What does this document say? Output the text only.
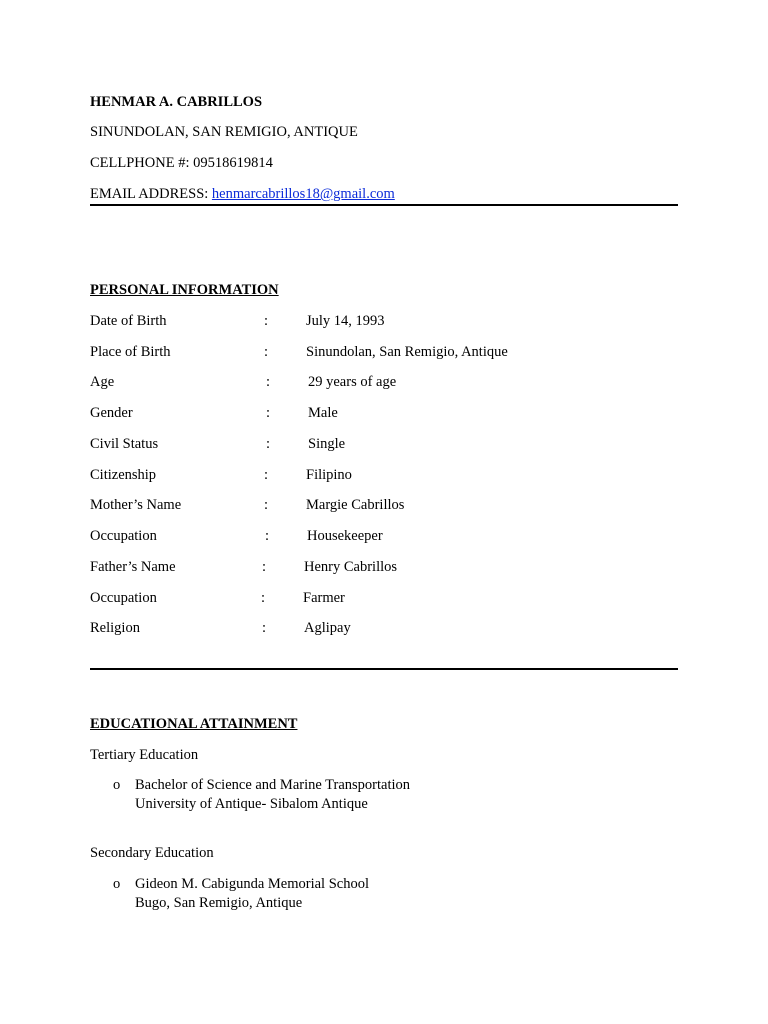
HENMAR A. CABRILLOS
SINUNDOLAN, SAN REMIGIO, ANTIQUE
CELLPHONE #: 09518619814
EMAIL ADDRESS: henmarcabrillos18@gmail.com
PERSONAL INFORMATION
Date of Birth	:	July 14, 1993
Place of Birth	:	Sinundolan, San Remigio, Antique
Age	:	29 years of age
Gender	:	Male
Civil Status	:	Single
Citizenship	:	Filipino
Mother’s Name	:	Margie Cabrillos
Occupation	:	Housekeeper
Father’s Name	:	Henry Cabrillos
Occupation	:	Farmer
Religion	:	Aglipay
EDUCATIONAL ATTAINMENT
Tertiary Education
o Bachelor of Science and Marine Transportation
University of Antique- Sibalom Antique
Secondary Education
o Gideon M. Cabigunda Memorial School
Bugo, San Remigio, Antique
